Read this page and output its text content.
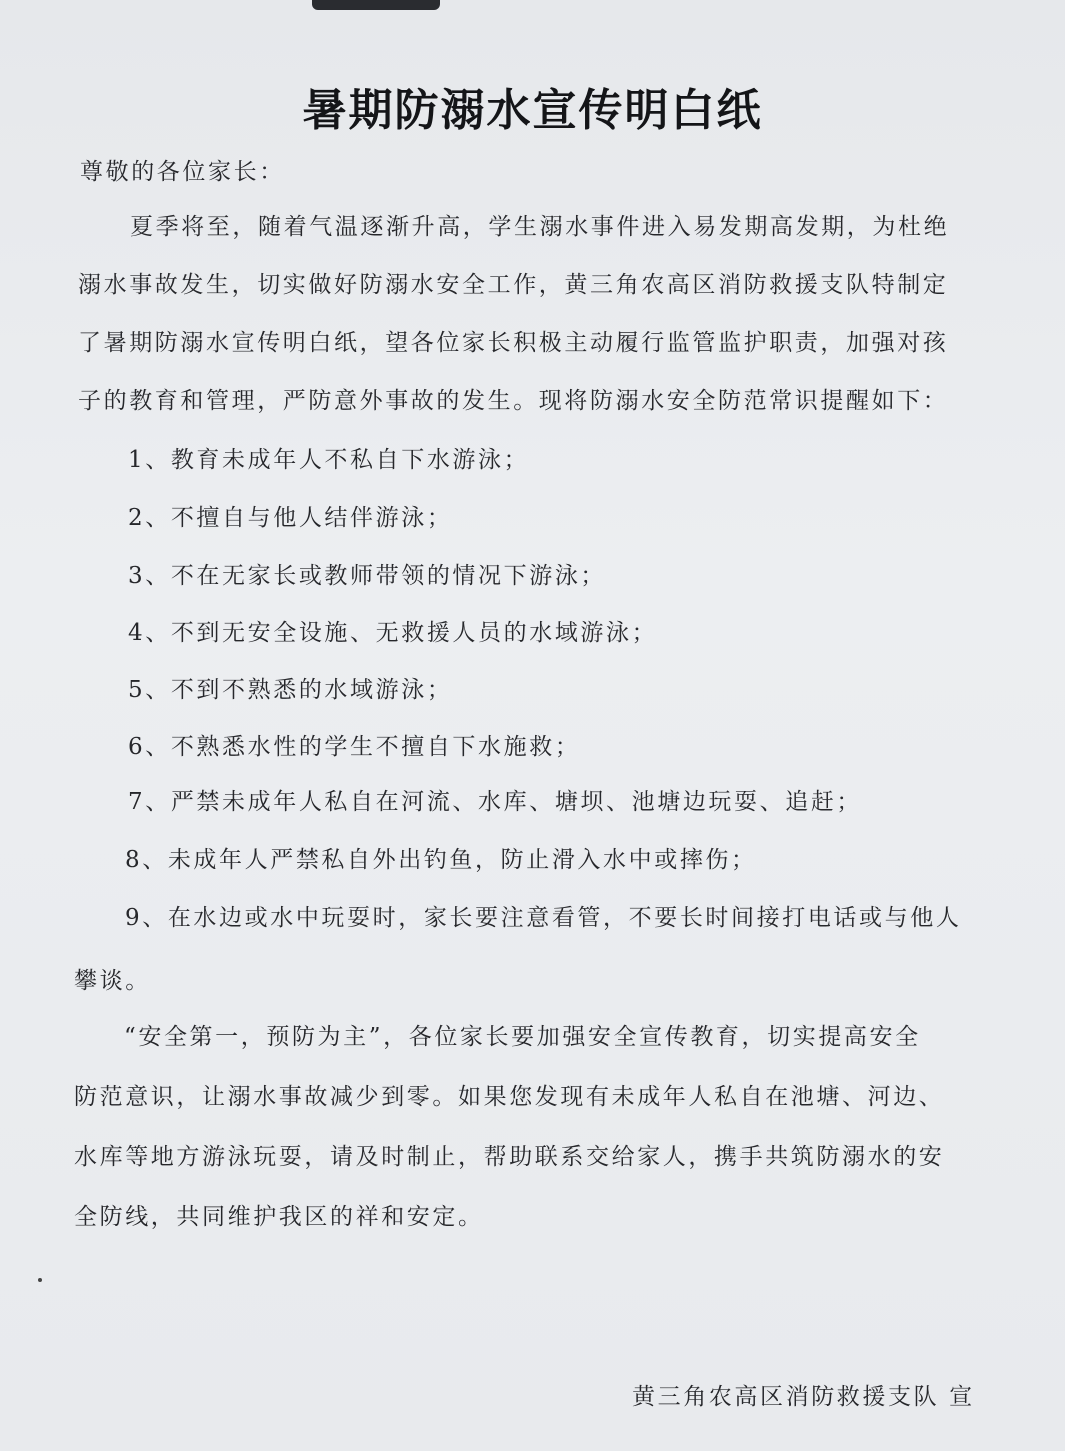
暑期防溺水宣传明白纸
尊敬的各位家长：
夏季将至，随着气温逐渐升高，学生溺水事件进入易发期高发期，为杜绝
溺水事故发生，切实做好防溺水安全工作，黄三角农高区消防救援支队特制定
了暑期防溺水宣传明白纸，望各位家长积极主动履行监管监护职责，加强对孩
子的教育和管理，严防意外事故的发生。现将防溺水安全防范常识提醒如下：
1、教育未成年人不私自下水游泳；
2、不擅自与他人结伴游泳；
3、不在无家长或教师带领的情况下游泳；
4、不到无安全设施、无救援人员的水域游泳；
5、不到不熟悉的水域游泳；
6、不熟悉水性的学生不擅自下水施救；
7、严禁未成年人私自在河流、水库、塘坝、池塘边玩耍、追赶；
8、未成年人严禁私自外出钓鱼，防止滑入水中或摔伤；
9、在水边或水中玩耍时，家长要注意看管，不要长时间接打电话或与他人
攀谈。
“安全第一，预防为主”，各位家长要加强安全宣传教育，切实提高安全
防范意识，让溺水事故减少到零。如果您发现有未成年人私自在池塘、河边、
水库等地方游泳玩耍，请及时制止，帮助联系交给家人，携手共筑防溺水的安
全防线，共同维护我区的祥和安定。
黄三角农高区消防救援支队 宣
